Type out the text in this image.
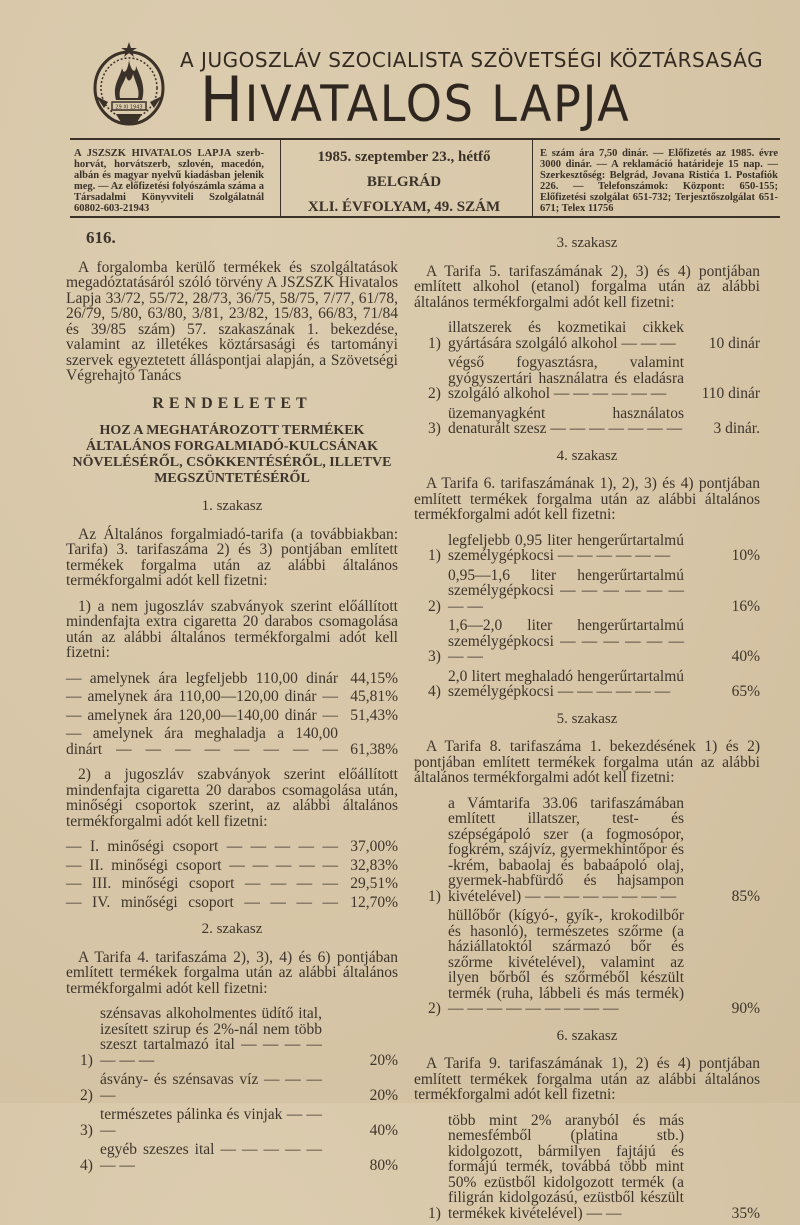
29 XI 1943
A JUGOSZLÁV SZOCIALISTA SZÖVETSÉGI KÖZTÁRSASÁG
HIVATALOS LAPJA
A JSZSZK HIVATALOS LAPJA szerb-horvát, horvátszerb, szlovén, macedón, albán és magyar nyelvű kiadásban jelenik meg. — Az előfizetési folyószámla száma a Társadalmi Könyvviteli Szolgálatnál 60802-603-21943
1985. szeptember 23., hétfő
BELGRÁD
XLI. ÉVFOLYAM, 49. SZÁM
E szám ára 7,50 dinár. — Előfizetés az 1985. évre 3000 dinár. — A reklamáció határideje 15 nap. — Szerkesztőség: Belgrád, Jovana Ristića 1. Postafiók 226. — Telefonszámok: Központ: 650-155; Előfizetési szolgálat 651-732; Terjesztőszolgálat 651-671; Telex 11756
616.

A forgalomba kerülő termékek és szolgáltatások megadóztatásáról szóló törvény A JSZSZK Hivatalos Lapja 33/72, 55/72, 28/73, 36/75, 58/75, 7/77, 61/78, 26/79, 5/80, 63/80, 3/81, 23/82, 15/83, 66/83, 71/84 és 39/85 szám) 57. szakaszának 1. bekezdése, valamint az illetékes köztársasági és tartományi szervek egyeztetett álláspontjai alapján, a Szövetségi Végrehajtó Tanács

RENDELETET
HOZ A MEGHATÁROZOTT TERMÉKEK ÁLTALÁNOS FORGALMIADÓ-KULCSÁNAK NÖVELÉSÉRŐL, CSÖKKENTÉSÉRŐL, ILLETVE MEGSZÜNTETÉSÉRŐL
1. szakasz

Az Általános forgalmiadó-tarifa (a továbbiakban: Tarifa) 3. tarifaszáma 2) és 3) pontjában említett termékek forgalma után az alábbi általános termékforgalmi adót kell fizetni:

1) a nem jugoszláv szabványok szerint előállított mindenfajta extra cigaretta 20 darabos csomagolása után az alábbi általános termékforgalmi adót kell fizetni:

— amelynek ára legfeljebb 110,00 dinár 44,15%
— amelynek ára 110,00—120,00 dinár — 45,81%
— amelynek ára 120,00—140,00 dinár — 51,43%
— amelynek ára meghaladja a 140,00 dinárt — — — — — — — — 61,38%

2) a jugoszláv szabványok szerint előállított mindenfajta cigaretta 20 darabos csomagolása után, minőségi csoportok szerint, az alábbi általános termékforgalmi adót kell fizetni:

— I. minőségi csoport — — — — — 37,00%
— II. minőségi csoport — — — — — 32,83%
— III. minőségi csoport — — — — 29,51%
— IV. minőségi csoport — — — — 12,70%
2. szakasz

A Tarifa 4. tarifaszáma 2), 3), 4) és 6) pontjában említett termékek forgalma után az alábbi általános termékforgalmi adót kell fizetni:

1)
szénsavas alkoholmentes üdítő ital, izesített szirup és 2%-nál nem több szeszt tartalmazó ital — — — — — — —	20%
2)
ásvány- és szénsavas víz — — — —	20%
3)
természetes pálinka és vinjak — — —	40%
4)
egyéb szeszes ital — — — — — — —	80%
3. szakasz

A Tarifa 5. tarifaszámának 2), 3) és 4) pontjában említett alkohol (etanol) forgalma után az alábbi általános termékforgalmi adót kell fizetni:

1)
illatszerek és kozmetikai cikkek gyártására szolgáló alkohol — — —	10 dinár
2)
végső fogyasztásra, valamint gyógyszertári használatra és eladásra szolgáló alkohol — — — — — —	110 dinár
3)
üzemanyagként használatos denaturált szesz — — — — — — —	3 dinár.
4. szakasz

A Tarifa 6. tarifaszámának 1), 2), 3) és 4) pontjában említett termékek forgalma után az alábbi általános termékforgalmi adót kell fizetni:

1)
legfeljebb 0,95 liter hengerűrtartalmú személygépkocsi — — — — — —	10%
2)
0,95—1,6 liter hengerűrtartalmú személygépkocsi — — — — — — — —	16%
3)
1,6—2,0 liter hengerűrtartalmú személygépkocsi — — — — — — — —	40%
4)
2,0 litert meghaladó hengerűrtartalmú személygépkocsi — — — — — —	65%
5. szakasz

A Tarifa 8. tarifaszáma 1. bekezdésének 1) és 2) pontjában említett termékek forgalma után az alábbi általános termékforgalmi adót kell fizetni:

1)
a Vámtarifa 33.06 tarifaszámában említett illatszer, test- és szépségápoló szer (a fogmosópor, fogkrém, szájvíz, gyermekhintőpor és -krém, babaolaj és babaápoló olaj, gyermek-habfürdő és hajsampon kivételével) — — — — — — — —	85%
2)
hüllőbőr (kígyó-, gyík-, krokodilbőr és hasonló), természetes szőrme (a háziállatoktól származó bőr és szőrme kivételével), valamint az ilyen bőrből és szőrméből készült termék (ruha, lábbeli és más termék) — — — — — — — — —	90%
6. szakasz

A Tarifa 9. tarifaszámának 1), 2) és 4) pontjában említett termékek forgalma után az alábbi általános termékforgalmi adót kell fizetni:

1)
több mint 2% aranyból és más nemesfémből (platina stb.) kidolgozott, bármilyen fajtájú és formájú termék, továbbá több mint 50% ezüstből kidolgozott termék (a filigrán kidolgozású, ezüstből készült termékek kivételével) — —	35%
